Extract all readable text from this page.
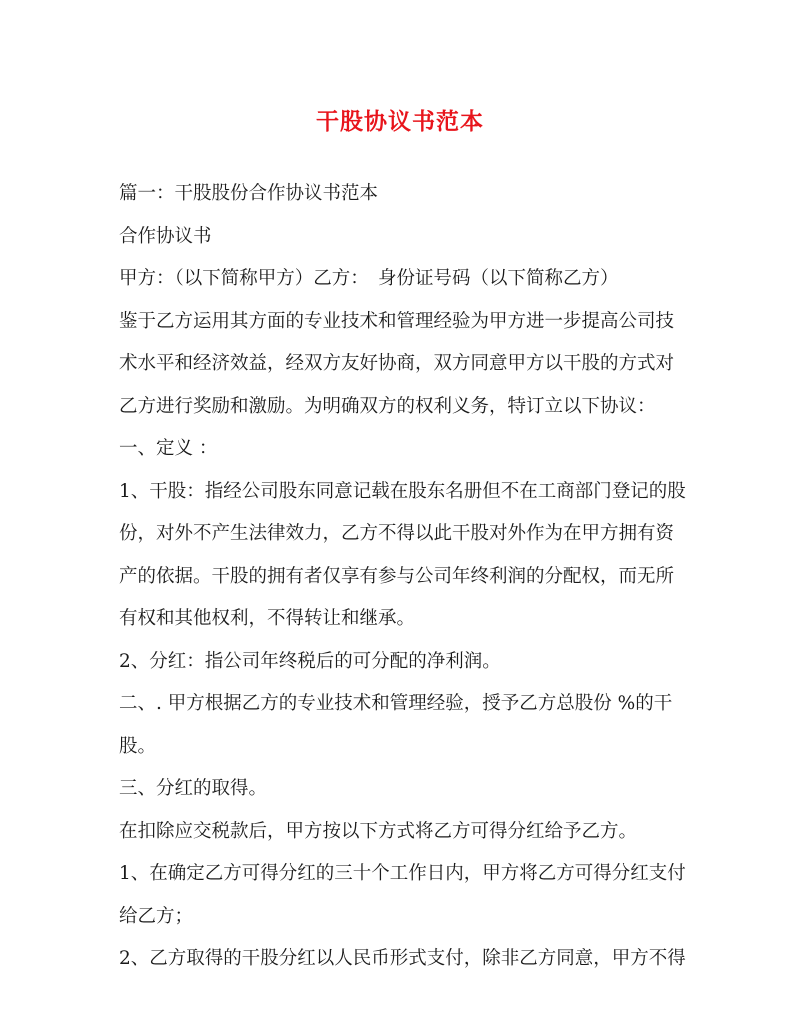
干股协议书范本
篇一：干股股份合作协议书范本
合作协议书
甲方：（以下简称甲方）乙方：　身份证号码（以下简称乙方）
鉴于乙方运用其方面的专业技术和管理经验为甲方进一步提高公司技
术水平和经济效益，经双方友好协商，双方同意甲方以干股的方式对
乙方进行奖励和激励。为明确双方的权利义务，特订立以下协议：
一、定义 ：
1、干股：指经公司股东同意记载在股东名册但不在工商部门登记的股
份，对外不产生法律效力，乙方不得以此干股对外作为在甲方拥有资
产的依据。干股的拥有者仅享有参与公司年终利润的分配权，而无所
有权和其他权利，不得转让和继承。
2、分红：指公司年终税后的可分配的净利润。
二、. 甲方根据乙方的专业技术和管理经验，授予乙方总股份 %的干
股。
三、分红的取得。
在扣除应交税款后，甲方按以下方式将乙方可得分红给予乙方。
1、在确定乙方可得分红的三十个工作日内，甲方将乙方可得分红支付
给乙方；
2、乙方取得的干股分红以人民币形式支付，除非乙方同意，甲方不得
